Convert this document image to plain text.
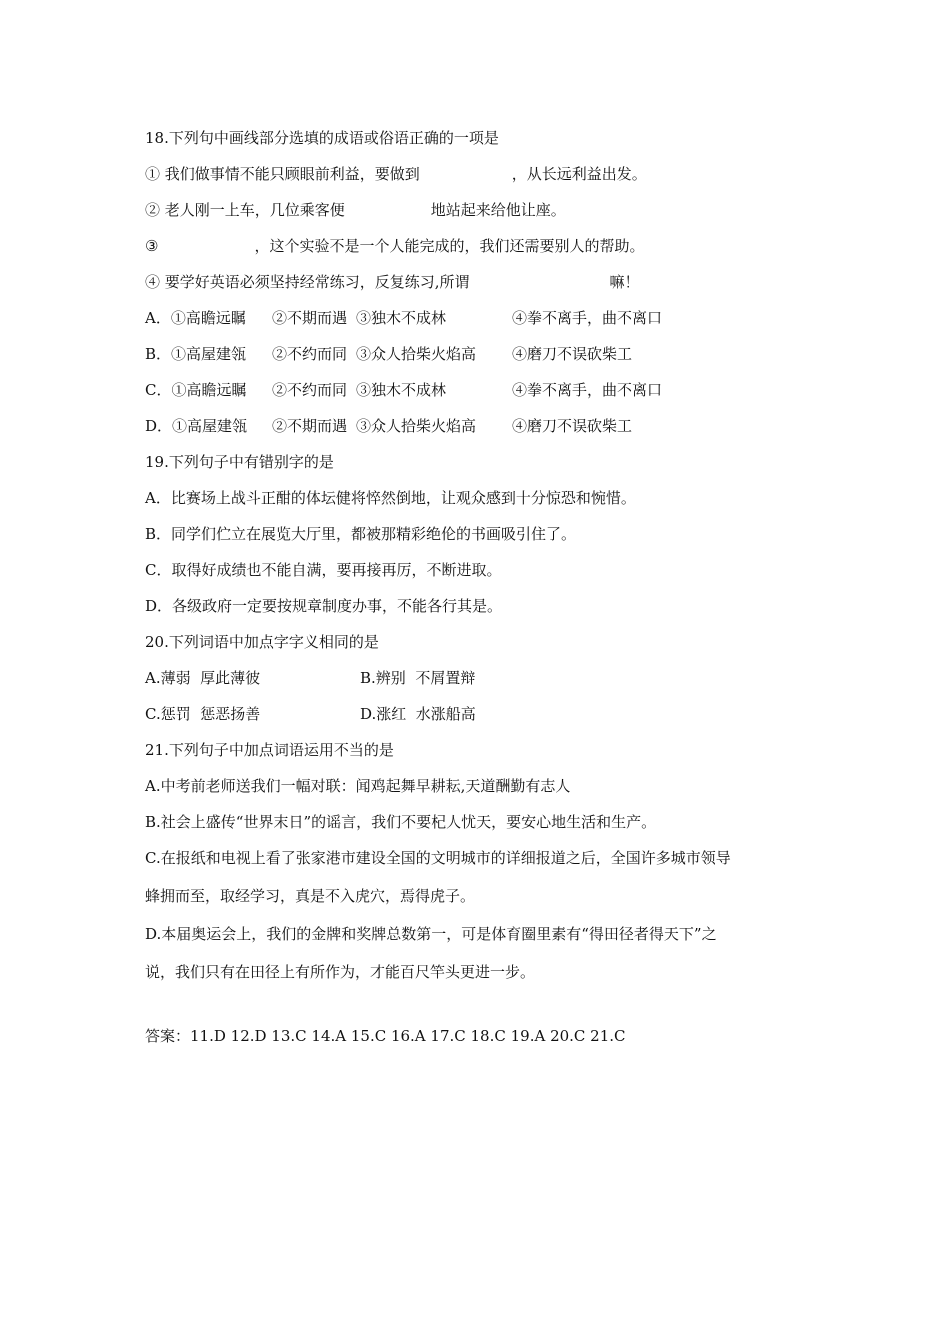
18.下列句中画线部分选填的成语或俗语正确的一项是
① 我们做事情不能只顾眼前利益，要做到	，从长远利益出发。
② 老人刚一上车，几位乘客便	地站起来给他让座。
③	，这个实验不是一个人能完成的，我们还需要别人的帮助。
④ 要学好英语必须坚持经常练习，反复练习,所谓	嘛！
A．①高瞻远瞩 ②不期而遇 ③独木不成林	④拳不离手，曲不离口
B．①高屋建瓴 ②不约而同 ③众人拾柴火焰高 ④磨刀不误砍柴工
C．①高瞻远瞩 ②不约而同 ③独木不成林	④拳不离手，曲不离口
D．①高屋建瓴 ②不期而遇 ③众人拾柴火焰高 ④磨刀不误砍柴工
19.下列句子中有错别字的是
A．比赛场上战斗正酣的体坛健将悴然倒地，让观众感到十分惊恐和惋惜。
B．同学们伫立在展览大厅里，都被那精彩绝伦的书画吸引住了。
C．取得好成绩也不能自满，要再接再厉，不断进取。
D．各级政府一定要按规章制度办事，不能各行其是。
20.下列词语中加点字字义相同的是
A.薄弱  厚此薄彼	B.辨别  不屑置辩
C.惩罚  惩恶扬善	D.涨红  水涨船高
21.下列句子中加点词语运用不当的是
A.中考前老师送我们一幅对联：闻鸡起舞早耕耘,天道酬勤有志人
B.社会上盛传“世界末日”的谣言，我们不要杞人忧天，要安心地生活和生产。
C.在报纸和电视上看了张家港市建设全国的文明城市的详细报道之后，全国许多城市领导
蜂拥而至，取经学习，真是不入虎穴，焉得虎子。
D.本届奥运会上，我们的金牌和奖牌总数第一，可是体育圈里素有“得田径者得天下”之
说，我们只有在田径上有所作为，才能百尺竿头更进一步。
答案：11.D 12.D 13.C 14.A 15.C 16.A 17.C 18.C 19.A 20.C 21.C
